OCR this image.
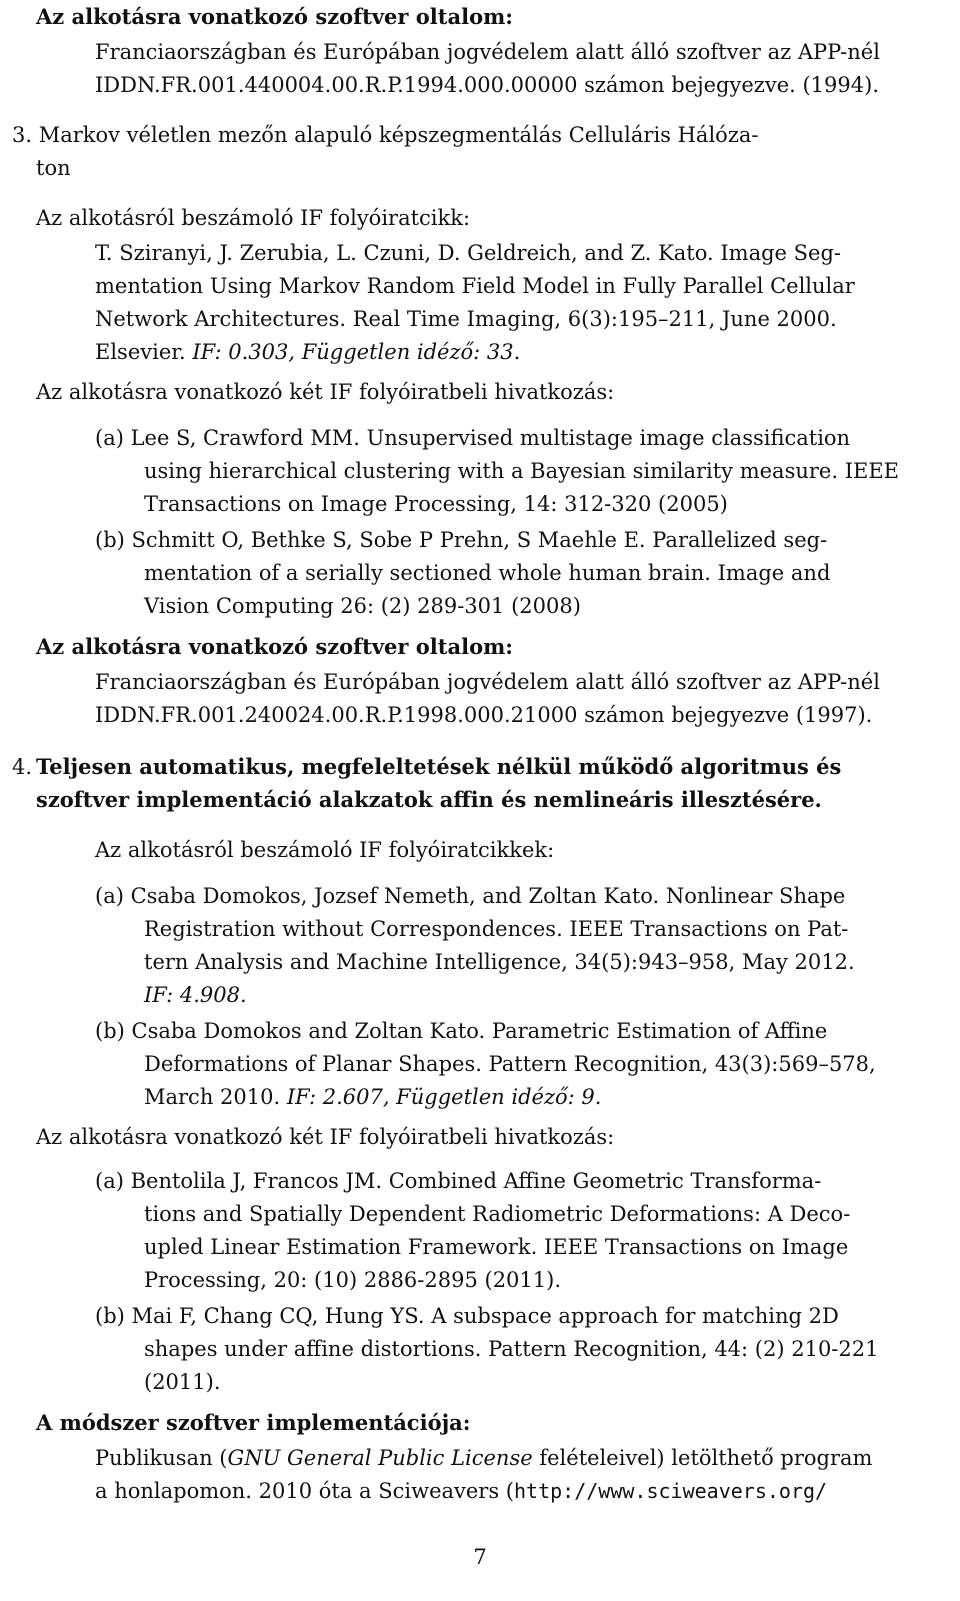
Az alkotásra vonatkozó szoftver oltalom:
Franciaországban és Európában jogvédelem alatt álló szoftver az APP-nél
IDDN.FR.001.440004.00.R.P.1994.000.00000 számon bejegyezve. (1994).
3. Markov véletlen mezőn alapuló képszegmentálás Celluláris Hálóza-
ton
Az alkotásról beszámoló IF folyóiratcikk:
T. Sziranyi, J. Zerubia, L. Czuni, D. Geldreich, and Z. Kato. Image Seg-
mentation Using Markov Random Field Model in Fully Parallel Cellular
Network Architectures. Real Time Imaging, 6(3):195–211, June 2000.
Elsevier. IF: 0.303, Független idéző: 33.
Az alkotásra vonatkozó két IF folyóiratbeli hivatkozás:
(a) Lee S, Crawford MM. Unsupervised multistage image classification
using hierarchical clustering with a Bayesian similarity measure. IEEE
Transactions on Image Processing, 14: 312-320 (2005)
(b) Schmitt O, Bethke S, Sobe P Prehn, S Maehle E. Parallelized seg-
mentation of a serially sectioned whole human brain. Image and
Vision Computing 26: (2) 289-301 (2008)
Az alkotásra vonatkozó szoftver oltalom:
Franciaországban és Európában jogvédelem alatt álló szoftver az APP-nél
IDDN.FR.001.240024.00.R.P.1998.000.21000 számon bejegyezve (1997).
4. Teljesen automatikus, megfeleltetések nélkül működő algoritmus és
szoftver implementáció alakzatok affin és nemlineáris illesztésére.
Az alkotásról beszámoló IF folyóiratcikkek:
(a) Csaba Domokos, Jozsef Nemeth, and Zoltan Kato. Nonlinear Shape
Registration without Correspondences. IEEE Transactions on Pat-
tern Analysis and Machine Intelligence, 34(5):943–958, May 2012.
IF: 4.908.
(b) Csaba Domokos and Zoltan Kato. Parametric Estimation of Affine
Deformations of Planar Shapes. Pattern Recognition, 43(3):569–578,
March 2010. IF: 2.607, Független idéző: 9.
Az alkotásra vonatkozó két IF folyóiratbeli hivatkozás:
(a) Bentolila J, Francos JM. Combined Affine Geometric Transforma-
tions and Spatially Dependent Radiometric Deformations: A Deco-
upled Linear Estimation Framework. IEEE Transactions on Image
Processing, 20: (10) 2886-2895 (2011).
(b) Mai F, Chang CQ, Hung YS. A subspace approach for matching 2D
shapes under affine distortions. Pattern Recognition, 44: (2) 210-221
(2011).
A módszer szoftver implementációja:
Publikusan (GNU General Public License felételeivel) letölthető program
a honlapomon. 2010 óta a Sciweavers (http://www.sciweavers.org/
7
